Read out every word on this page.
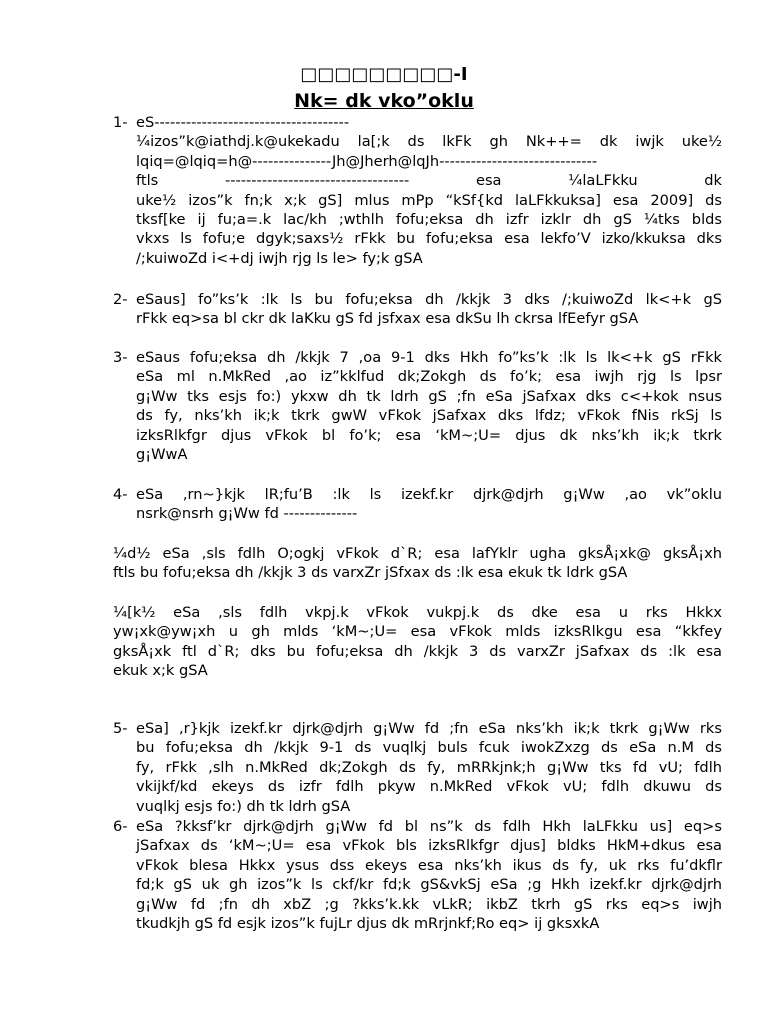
□□□□□□□□□-I
Nk= dk vko”oklu
1- eS-------------------------------------
¼izos”k@iathdj.k@ukekadu la[;k ds lkFk gh Nk++= dk iwjk uke½
lqiq=@lqiq=h@---------------Jh@Jherh@lqJh------------------------------
ftls ----------------------------------- esa ¼laLFkku dk
uke½ izos”k fn;k x;k gS] mlus mPp “kSf{kd laLFkkuksa] esa 2009] ds
tksf[ke ij fu;a=.k lac/kh ;wthlh fofu;eksa dh izfr izklr dh gS ¼tks blds
vkxs ls fofu;e dgyk;saxs½ rFkk bu fofu;eksa esa lekfo’V izko/kkuksa dks
/;kuiwoZd i<+dj iwjh rjg ls le> fy;k gSA
2- eSaus] fo”ks’k :lk ls bu fofu;eksa dh /kkjk 3 dks /;kuiwoZd lk<+k gS
rFkk eq>sa bl ckr dk laKku gS fd jsfxax esa dkSu lh ckrsa lfEefyr gSA
3- eSaus fofu;eksa dh /kkjk 7 ,oa 9-1 dks Hkh fo”ks’k :lk ls lk<+k gS rFkk
eSa ml n.MkRed ,ao iz”kklfud dk;Zokgh ds fo’k; esa iwjh rjg ls lpsr
g¡Ww tks esjs fo:) ykxw dh tk ldrh gS ;fn eSa jSafxax dks c<+kok nsus
ds fy, nks’kh ik;k tkrk gwW vFkok jSafxax dks lfdz; vFkok fNis rkSj ls
izksRlkfgr djus vFkok bl fo’k; esa ‘kM~;U= djus dk nks’kh ik;k tkrk
g¡WwA
4- eSa ,rn~}kjk lR;fu’B :lk ls izekf.kr djrk@djrh g¡Ww ,ao vk”oklu
nsrk@nsrh g¡Ww fd --------------
¼d½ eSa ,sls fdlh O;ogkj vFkok d`R; esa lafYklr ugha gksÅ¡xk@ gksÅ¡xh
ftls bu fofu;eksa dh /kkjk 3 ds varxZr jSfxax ds :lk esa ekuk tk ldrk gSA
¼[k½ eSa ,sls fdlh vkpj.k vFkok vukpj.k ds dke esa u rks Hkkx
yw¡xk@yw¡xh u gh mlds ‘kM~;U= esa vFkok mlds izksRlkgu esa “kkfey
gksÅ¡xk ftl d`R; dks bu fofu;eksa dh /kkjk 3 ds varxZr jSafxax ds :lk esa
ekuk x;k gSA
5- eSa] ,r}kjk izekf.kr djrk@djrh g¡Ww fd ;fn eSa nks’kh ik;k tkrk g¡Ww rks
bu fofu;eksa dh /kkjk 9-1 ds vuqlkj buls fcuk iwokZxzg ds eSa n.M ds
fy, rFkk ,slh n.MkRed dk;Zokgh ds fy, mRRkjnk;h g¡Ww tks fd vU; fdlh
vkijkf/kd ekeys ds izfr fdlh pkyw n.MkRed vFkok vU; fdlh dkuwu ds
vuqlkj esjs fo:) dh tk ldrh gSA
6- eSa ?kksf’kr djrk@djrh g¡Ww fd bl ns”k ds fdlh Hkh laLFkku us] eq>s
jSafxax ds ‘kM~;U= esa vFkok bls izksRlkfgr djus] bldks HkM+dkus esa
vFkok blesa Hkkx ysus dss ekeys esa nks’kh ikus ds fy, uk rks fu’dkflr
fd;k gS uk gh izos”k ls ckf/kr fd;k gS&vkSj eSa ;g Hkh izekf.kr djrk@djrh
g¡Ww fd ;fn dh xbZ ;g ?kks’k.kk vLkR; ikbZ tkrh gS rks eq>s iwjh
tkudkjh gS fd esjk izos”k fujLr djus dk mRrjnkf;Ro eq> ij gksxkA
